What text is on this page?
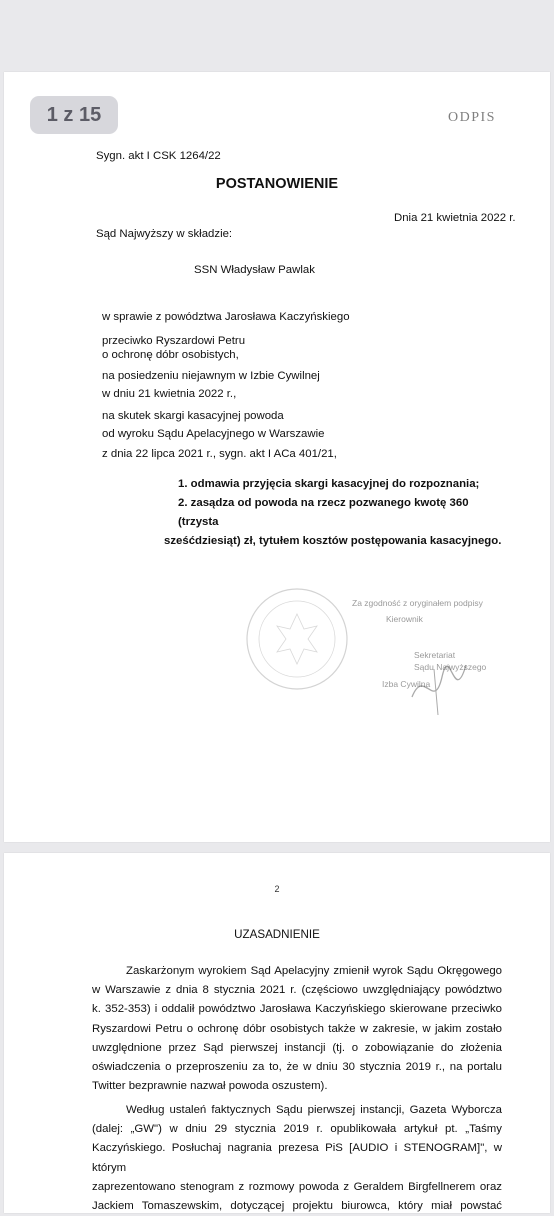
1 z 15	ODPIS
Sygn. akt I CSK 1264/22
POSTANOWIENIE
Dnia 21 kwietnia 2022 r.
Sąd Najwyższy w składzie:
SSN Władysław Pawlak
w sprawie z powództwa Jarosława Kaczyńskiego
przeciwko Ryszardowi Petru
o ochronę dóbr osobistych,
na posiedzeniu niejawnym w Izbie Cywilnej
w dniu 21 kwietnia 2022 r.,
na skutek skargi kasacyjnej powoda
od wyroku Sądu Apelacyjnego w Warszawie
z dnia 22 lipca 2021 r., sygn. akt I ACa 401/21,

1. odmawia przyjęcia skargi kasacyjnej do rozpoznania;

2. zasądza od powoda na rzecz pozwanego kwotę 360 (trzysta

sześćdziesiąt) zł, tytułem kosztów postępowania kasacyjnego.

Za zgodność z oryginałem podpisy
Kierownik
Sekretariat
Sądu Najwyższego
Izba Cywilna
2
UZASADNIENIE
Zaskarżonym wyrokiem Sąd Apelacyjny zmienił wyrok Sądu Okręgowego
w Warszawie z dnia 8 stycznia 2021 r. (częściowo uwzględniający powództwo
k. 352-353) i oddalił powództwo Jarosława Kaczyńskiego skierowane przeciwko
Ryszardowi Petru o ochronę dóbr osobistych także w zakresie, w jakim zostało
uwzględnione przez Sąd pierwszej instancji (tj. o zobowiązanie do złożenia
oświadczenia o przeproszeniu za to, że w dniu 30 stycznia 2019 r., na portalu
Twitter bezprawnie nazwał powoda oszustem).
Według ustaleń faktycznych Sądu pierwszej instancji, Gazeta Wyborcza
(dalej: „GW") w dniu 29 stycznia 2019 r. opublikowała artykuł pt. „Taśmy
Kaczyńskiego. Posłuchaj nagrania prezesa PiS [AUDIO i STENOGRAM]", w którym
zaprezentowano stenogram z rozmowy powoda z Geraldem Birgfellnerem oraz
Jackiem Tomaszewskim, dotyczącej projektu biurowca, który miał powstać
